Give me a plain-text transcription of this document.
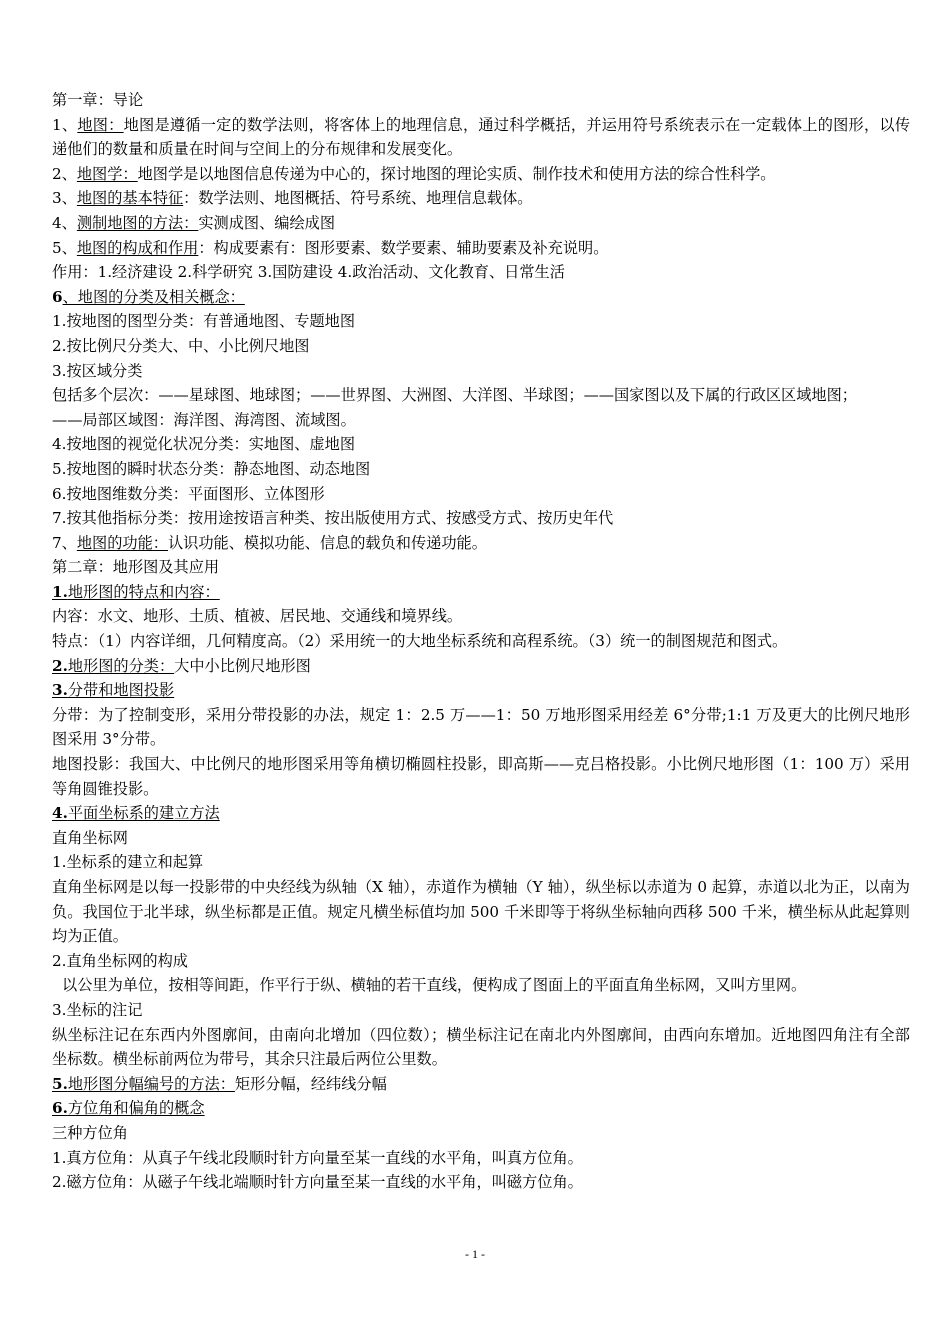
第一章：导论

1、地图：地图是遵循一定的数学法则，将客体上的地理信息，通过科学概括，并运用符号系统表示在一定载体上的图形，以传递他们的数量和质量在时间与空间上的分布规律和发展变化。

2、地图学：地图学是以地图信息传递为中心的，探讨地图的理论实质、制作技术和使用方法的综合性科学。

3、地图的基本特征：数学法则、地图概括、符号系统、地理信息载体。

4、测制地图的方法：实测成图、编绘成图

5、地图的构成和作用：构成要素有：图形要素、数学要素、辅助要素及补充说明。

作用：1.经济建设 2.科学研究 3.国防建设 4.政治活动、文化教育、日常生活

6、地图的分类及相关概念：

1.按地图的图型分类：有普通地图、专题地图

2.按比例尺分类大、中、小比例尺地图

3.按区域分类

包括多个层次：——星球图、地球图；——世界图、大洲图、大洋图、半球图；——国家图以及下属的行政区区域地图；

——局部区域图：海洋图、海湾图、流域图。

4.按地图的视觉化状况分类：实地图、虚地图

5.按地图的瞬时状态分类：静态地图、动态地图

6.按地图维数分类：平面图形、立体图形

7.按其他指标分类：按用途按语言种类、按出版使用方式、按感受方式、按历史年代

7、地图的功能：认识功能、模拟功能、信息的载负和传递功能。

第二章：地形图及其应用

1.地形图的特点和内容：

内容：水文、地形、土质、植被、居民地、交通线和境界线。

特点：（1）内容详细，几何精度高。（2）采用统一的大地坐标系统和高程系统。（3）统一的制图规范和图式。

2.地形图的分类：大中小比例尺地形图

3.分带和地图投影

分带：为了控制变形，采用分带投影的办法，规定 1：2.5 万——1：50 万地形图采用经差 6°分带;1:1 万及更大的比例尺地形图采用 3°分带。

地图投影：我国大、中比例尺的地形图采用等角横切椭圆柱投影，即高斯——克吕格投影。小比例尺地形图（1：100 万）采用等角圆锥投影。

4.平面坐标系的建立方法

直角坐标网

1.坐标系的建立和起算

直角坐标网是以每一投影带的中央经线为纵轴（X 轴），赤道作为横轴（Y 轴），纵坐标以赤道为 0 起算，赤道以北为正，以南为负。我国位于北半球，纵坐标都是正值。规定凡横坐标值均加 500 千米即等于将纵坐标轴向西移 500 千米，横坐标从此起算则均为正值。

2.直角坐标网的构成

以公里为单位，按相等间距，作平行于纵、横轴的若干直线，便构成了图面上的平面直角坐标网，又叫方里网。

3.坐标的注记

纵坐标注记在东西内外图廓间，由南向北增加（四位数）；横坐标注记在南北内外图廓间，由西向东增加。近地图四角注有全部坐标数。横坐标前两位为带号，其余只注最后两位公里数。

5.地形图分幅编号的方法：矩形分幅，经纬线分幅

6.方位角和偏角的概念

三种方位角

1.真方位角：从真子午线北段顺时针方向量至某一直线的水平角，叫真方位角。

2.磁方位角：从磁子午线北端顺时针方向量至某一直线的水平角，叫磁方位角。

- 1 -
